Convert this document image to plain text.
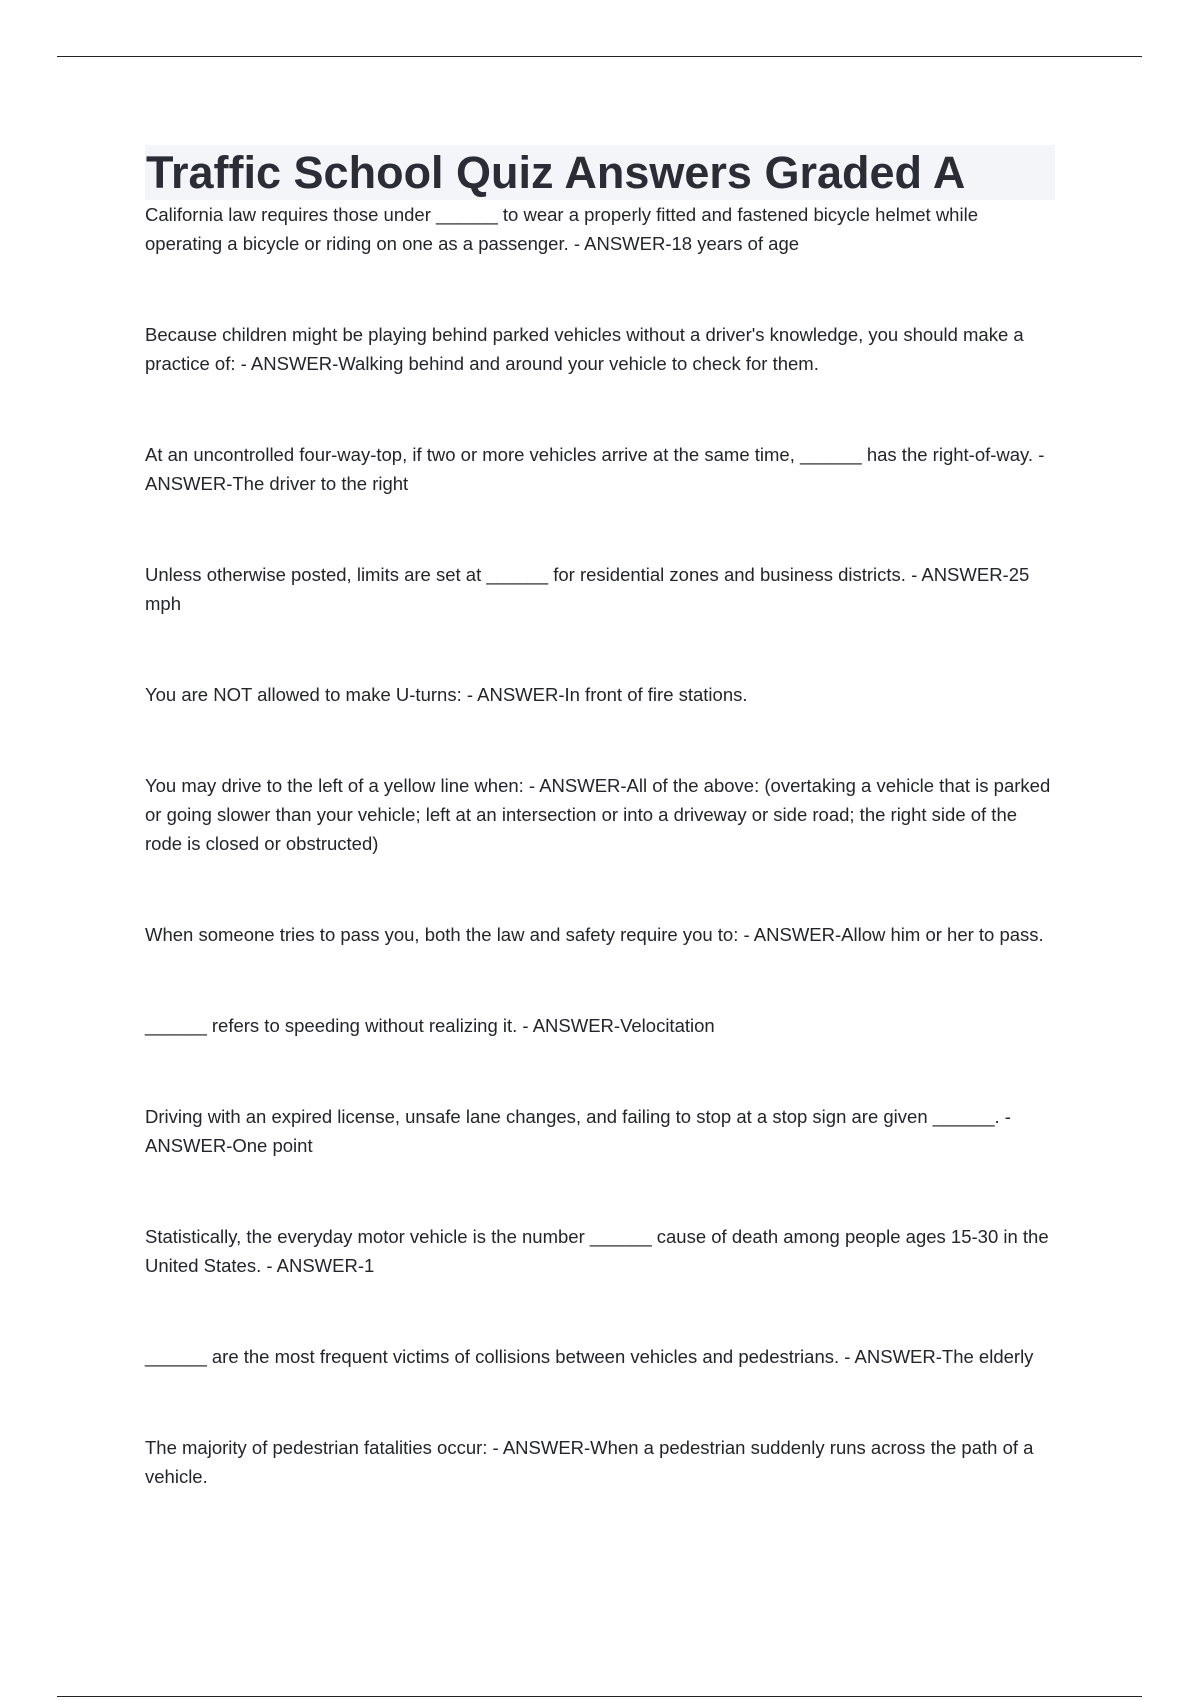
Traffic School Quiz Answers Graded A
California law requires those under ______ to wear a properly fitted and fastened bicycle helmet while operating a bicycle or riding on one as a passenger. - ANSWER-18 years of age
Because children might be playing behind parked vehicles without a driver's knowledge, you should make a practice of: - ANSWER-Walking behind and around your vehicle to check for them.
At an uncontrolled four-way-top, if two or more vehicles arrive at the same time, ______ has the right-of-way. - ANSWER-The driver to the right
Unless otherwise posted, limits are set at ______ for residential zones and business districts. - ANSWER-25 mph
You are NOT allowed to make U-turns: - ANSWER-In front of fire stations.
You may drive to the left of a yellow line when: - ANSWER-All of the above: (overtaking a vehicle that is parked or going slower than your vehicle; left at an intersection or into a driveway or side road; the right side of the rode is closed or obstructed)
When someone tries to pass you, both the law and safety require you to: - ANSWER-Allow him or her to pass.
______ refers to speeding without realizing it. - ANSWER-Velocitation
Driving with an expired license, unsafe lane changes, and failing to stop at a stop sign are given ______. - ANSWER-One point
Statistically, the everyday motor vehicle is the number ______ cause of death among people ages 15-30 in the United States. - ANSWER-1
______ are the most frequent victims of collisions between vehicles and pedestrians. - ANSWER-The elderly
The majority of pedestrian fatalities occur: - ANSWER-When a pedestrian suddenly runs across the path of a vehicle.
